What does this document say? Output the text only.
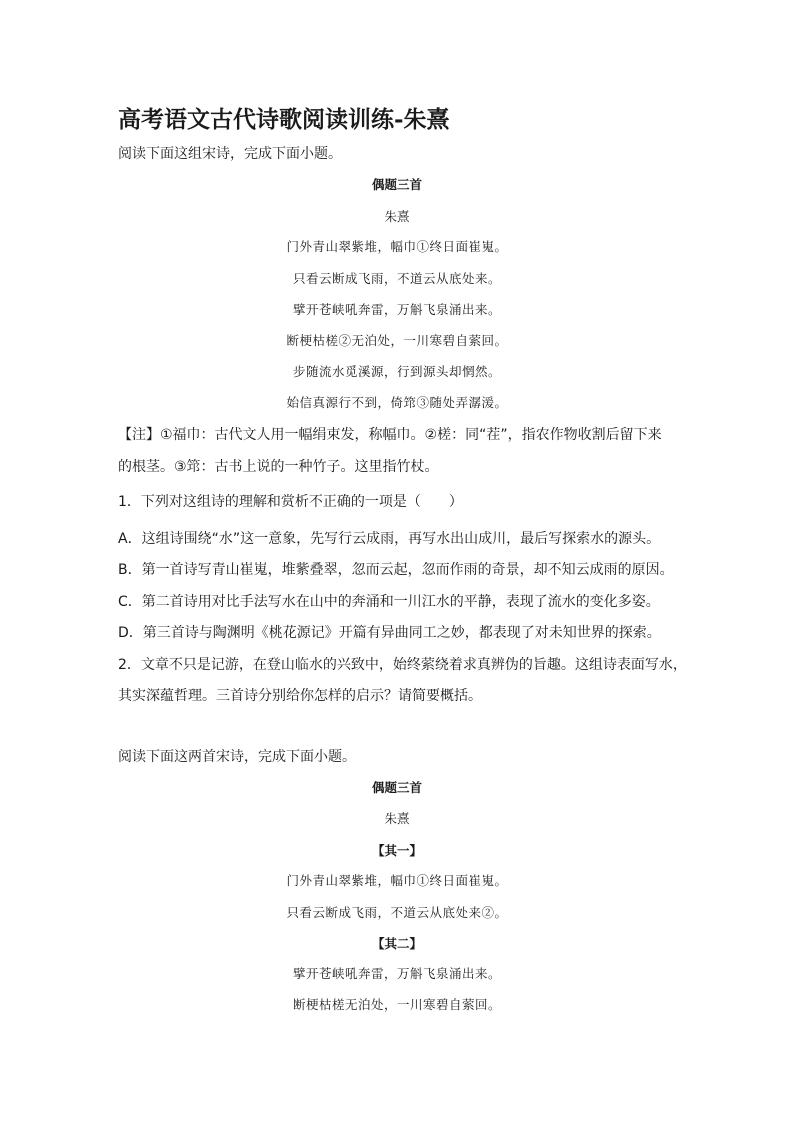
高考语文古代诗歌阅读训练-朱熹
阅读下面这组宋诗，完成下面小题。
偶题三首
朱熹
门外青山翠紫堆，幅巾①终日面崔嵬。
只看云断成飞雨，不道云从底处来。
擘开苍峡吼奔雷，万斛飞泉涌出来。
断梗枯槎②无泊处，一川寒碧自萦回。
步随流水觅溪源，行到源头却惘然。
始信真源行不到，倚筇③随处弄潺湲。
【注】①福巾：古代文人用一幅绢束发，称幅巾。②槎：同“茬”，指农作物收割后留下来
的根茎。③筇：古书上说的一种竹子。这里指竹杖。
1．下列对这组诗的理解和赏析不正确的一项是（　　）
A．这组诗围绕“水”这一意象，先写行云成雨，再写水出山成川，最后写探索水的源头。
B．第一首诗写青山崔嵬，堆紫叠翠，忽而云起，忽而作雨的奇景，却不知云成雨的原因。
C．第二首诗用对比手法写水在山中的奔涌和一川江水的平静，表现了流水的变化多姿。
D．第三首诗与陶渊明《桃花源记》开篇有异曲同工之妙，都表现了对未知世界的探索。
2．文章不只是记游，在登山临水的兴致中，始终萦绕着求真辨伪的旨趣。这组诗表面写水，
其实深蕴哲理。三首诗分别给你怎样的启示？请简要概括。
阅读下面这两首宋诗，完成下面小题。
偶题三首
朱熹
【其一】
门外青山翠紫堆，幅巾①终日面崔嵬。
只看云断成飞雨，不道云从底处来②。
【其二】
擘开苍峡吼奔雷，万斛飞泉涌出来。
断梗枯槎无泊处，一川寒碧自萦回。
